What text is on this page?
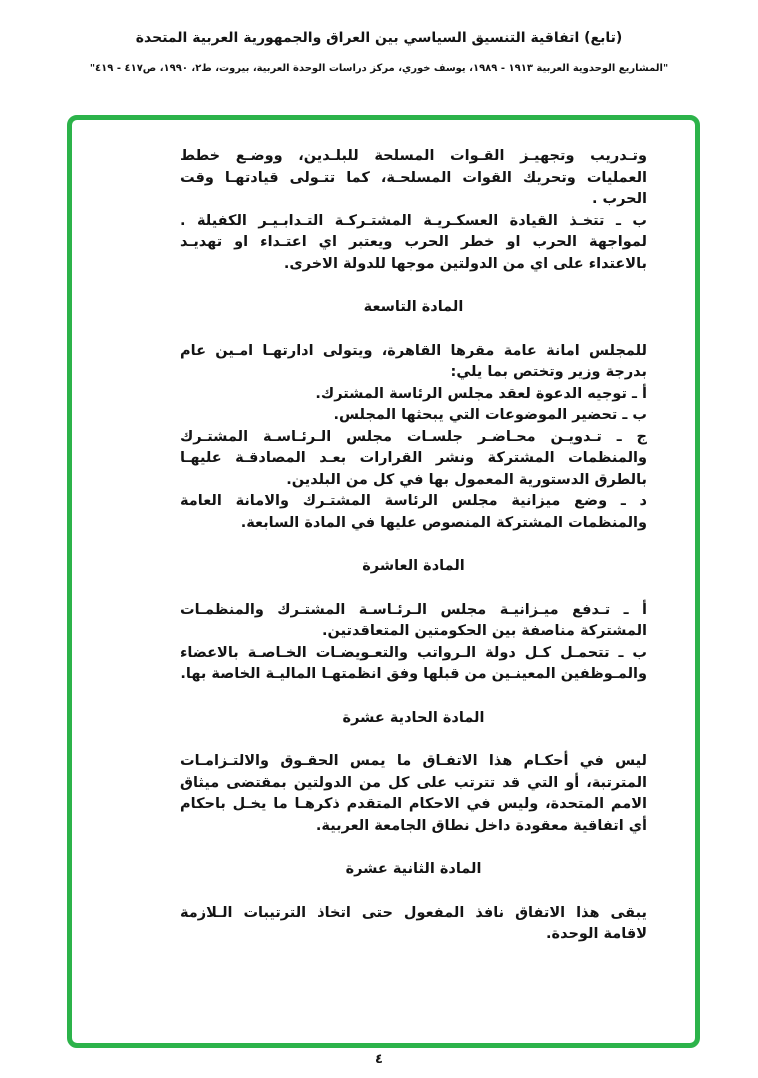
(تابع) اتفاقية التنسيق السياسي بين العراق والجمهورية العربية المتحدة
"المشاريع الوحدوية العربية ١٩١٣ - ١٩٨٩، يوسف خوري، مركز دراسات الوحدة العربية، بيروت، ط٢، ١٩٩٠، ص٤١٧ - ٤١٩"

وتـدريب وتجهيـز القـوات المسلحة للبلـدين، ووضـع خطط العمليات وتحريك القوات المسلحـة، كما تتـولى قيادتهـا وقت الحرب .

ب ـ تتخـذ القيادة العسكـريـة المشتـركـة التـدابـيـر الكفيلة . لمواجهة الحرب او خطر الحرب ويعتبر اي اعتـداء او تهديـد بالاعتداء على اي من الدولتين موجها للدولة الاخرى.

المادة التاسعة

للمجلس امانة عامة مقرها القاهرة، ويتولى ادارتهـا امـين عام بدرجة وزير وتختص بما يلي:

أ ـ توجيه الدعوة لعقد مجلس الرئاسة المشترك.

ب ـ تحضير الموضوعات التي يبحثها المجلس.

ج ـ تـدويـن محـاضـر جلسـات مجلس الـرئـاسـة المشتـرك والمنظمات المشتركة ونشر القرارات بعـد المصادقـة عليهـا بالطرق الدستورية المعمول بها في كل من البلدين.

د ـ وضع ميزانية مجلس الرئاسة المشتـرك والامانة العامة والمنظمات المشتركة المنصوص عليها في المادة السابعة.

المادة العاشرة

أ ـ تـدفع ميـزانيـة مجلس الـرئـاسـة المشتـرك والمنظمـات المشتركة مناصفة بين الحكومتين المتعاقدتين.

ب ـ تتحمـل كـل دولة الـرواتب والتعـويضـات الخـاصـة بالاعضاء والمـوظفين المعينـين من قبلها وفق انظمتهـا الماليـة الخاصة بها.

المادة الحادية عشرة

ليس في أحكـام هذا الاتفـاق ما يمس الحقـوق والالتـزامـات المترتبة، أو التي قد تترتب على كل من الدولتين بمقتضى ميثاق الامم المتحدة، وليس في الاحكام المتقدم ذكرهـا ما يخـل باحكام أي اتفاقية معقودة داخل نطاق الجامعة العربية.

المادة الثانية عشرة

يبقى هذا الاتفاق نافذ المفعول حتى اتخاذ الترتيبات الـلازمة لاقامة الوحدة.

٤
